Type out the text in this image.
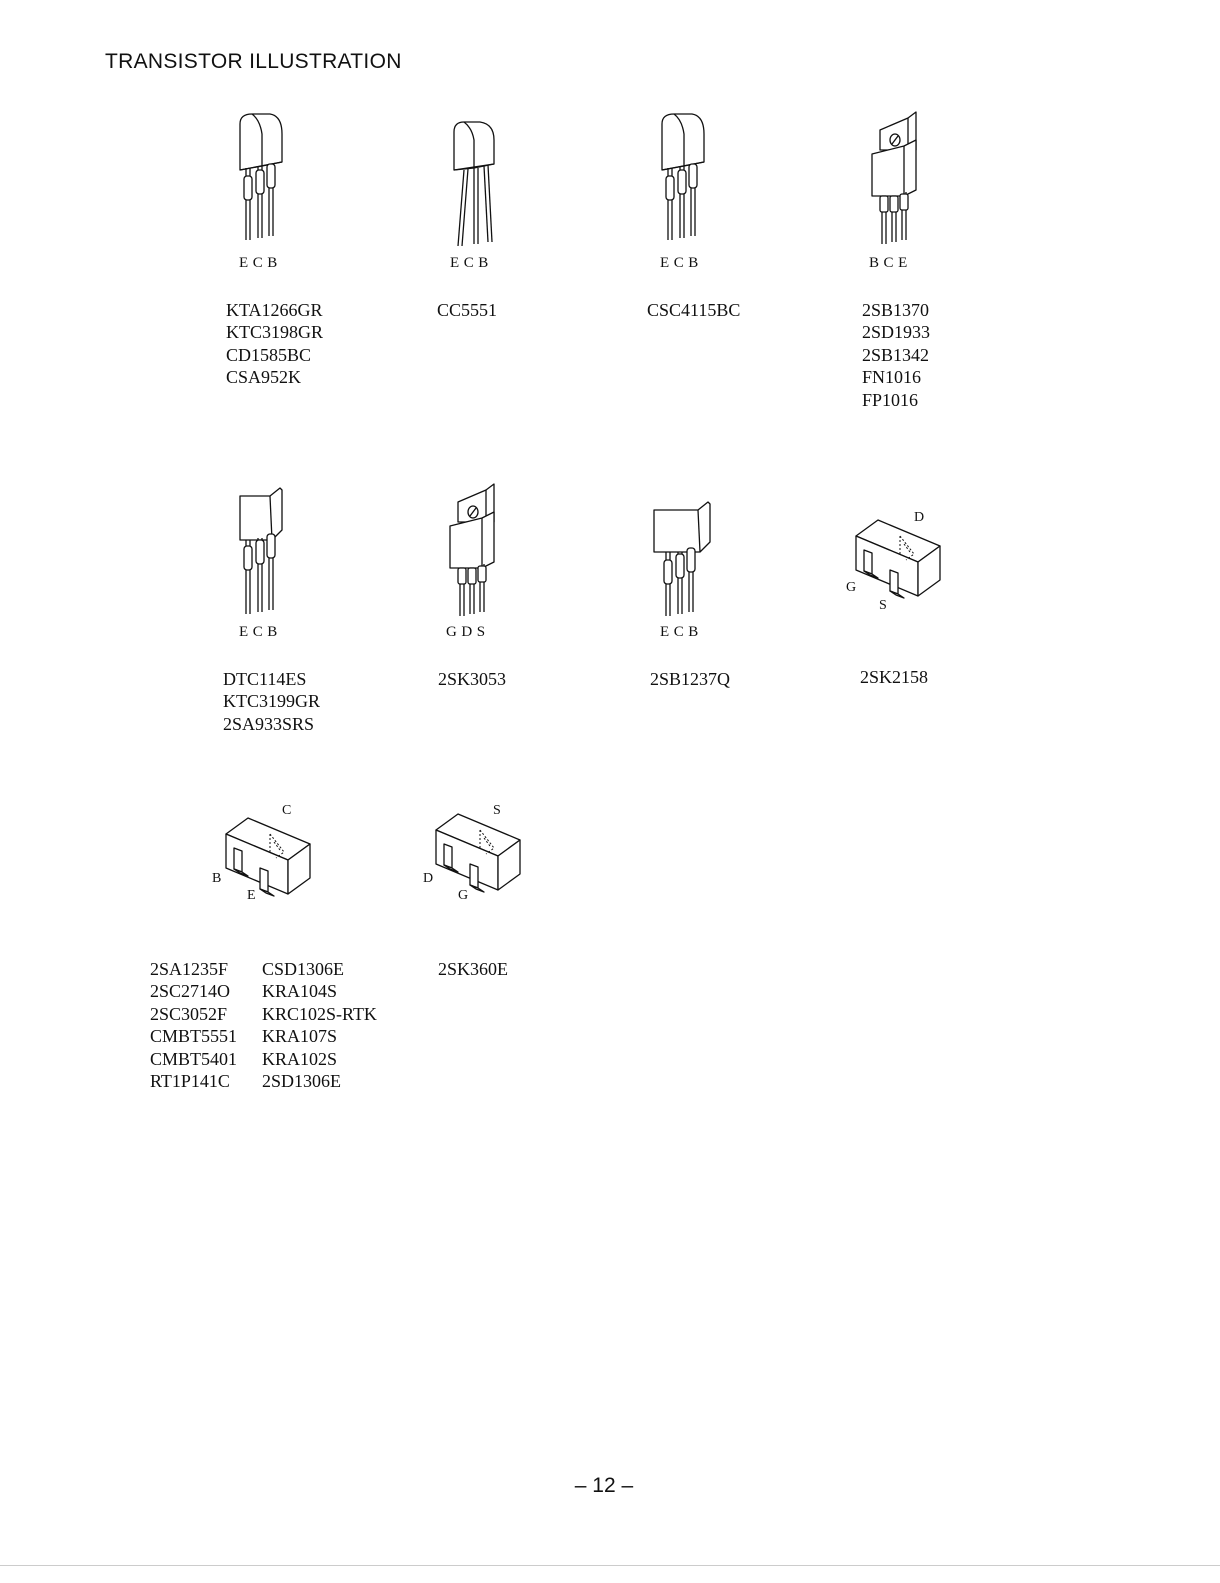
TRANSISTOR ILLUSTRATION
E C B
KTA1266GR
KTC3198GR
CD1585BC
CSA952K
E C B
CC5551
E C B
CSC4115BC
B C E
2SB1370
2SD1933
2SB1342
FN1016
FP1016
E C B
DTC114ES
KTC3199GR
2SA933SRS
G D S
2SK3053
E C B
2SB1237Q
D
G
S
2SK2158
C
B
E
2SA1235F
2SC2714O
2SC3052F
CMBT5551
CMBT5401
RT1P141C
CSD1306E
KRA104S
KRC102S-RTK
KRA107S
KRA102S
2SD1306E
S
D
G
2SK360E
– 12 –
